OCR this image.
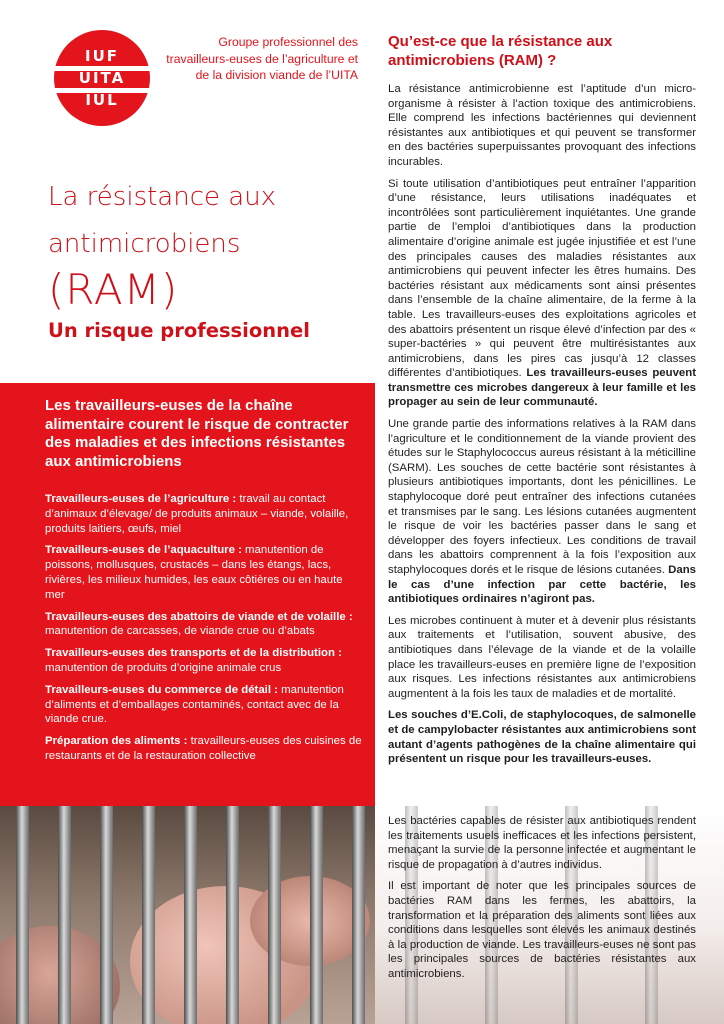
IUF
UITA
IUL
Groupe professionnel des travailleurs-euses de l’agriculture et de la division viande de l’UITA
La résistance aux
antimicrobiens
(RAM)
Un risque professionnel
Les travailleurs-euses de la chaîne alimentaire courent le risque de contracter des maladies et des infections résistantes aux antimicrobiens

Travailleurs-euses de l’agriculture : travail au contact d’animaux d’élevage/ de produits animaux – viande, volaille, produits laitiers, œufs, miel

Travailleurs-euses de l’aquaculture : manutention de poissons, mollusques, crustacés – dans les étangs, lacs, rivières, les milieux humides, les eaux côtières ou en haute mer

Travailleurs-euses des abattoirs de viande et de volaille : manutention de carcasses, de viande crue ou d’abats

Travailleurs-euses des transports et de la distribution : manutention de produits d’origine animale crus

Travailleurs-euses du commerce de détail : manutention d’aliments et d’emballages contaminés, contact avec de la viande crue.

Préparation des aliments : travailleurs-euses des cuisines de restaurants et de la restauration collective

Qu’est-ce que la résistance aux antimicrobiens (RAM) ?

La résistance antimicrobienne est l’aptitude d’un micro-organisme à résister à l’action toxique des antimicrobiens. Elle comprend les infections bactériennes qui deviennent résistantes aux antibiotiques et qui peuvent se transformer en des bactéries superpuissantes provoquant des infections incurables.

Si toute utilisation d’antibiotiques peut entraîner l’apparition d’une résistance, leurs utilisations inadéquates et incontrôlées sont particulièrement inquiétantes. Une grande partie de l’emploi d’antibiotiques dans la production alimentaire d’origine animale est jugée injustifiée et est l’une des principales causes des maladies résistantes aux antimicrobiens qui peuvent infecter les êtres humains. Des bactéries résistant aux médicaments sont ainsi présentes dans l’ensemble de la chaîne alimentaire, de la ferme à la table. Les travailleurs-euses des exploitations agricoles et des abattoirs présentent un risque élevé d’infection par des « super-bactéries » qui peuvent être multirésistantes aux antimicrobiens, dans les pires cas jusqu’à 12 classes différentes d’antibiotiques. Les travailleurs-euses peuvent transmettre ces microbes dangereux à leur famille et les propager au sein de leur communauté.

Une grande partie des informations relatives à la RAM dans l’agriculture et le conditionnement de la viande provient des études sur le Staphylococcus aureus résistant à la méticilline (SARM). Les souches de cette bactérie sont résistantes à plusieurs antibiotiques importants, dont les pénicillines. Le staphylocoque doré peut entraîner des infections cutanées et transmises par le sang. Les lésions cutanées augmentent le risque de voir les bactéries passer dans le sang et développer des foyers infectieux. Les conditions de travail dans les abattoirs comprennent à la fois l’exposition aux staphylocoques dorés et le risque de lésions cutanées. Dans le cas d’une infection par cette bactérie, les antibiotiques ordinaires n’agiront pas.

Les microbes continuent à muter et à devenir plus résistants aux traitements et l’utilisation, souvent abusive, des antibiotiques dans l’élevage de la viande et de la volaille place les travailleurs-euses en première ligne de l’exposition aux risques. Les infections résistantes aux antimicrobiens augmentent à la fois les taux de maladies et de mortalité.

Les souches d’E.Coli, de staphylocoques, de salmonelle et de campylobacter résistantes aux antimicrobiens sont autant d’agents pathogènes de la chaîne alimentaire qui présentent un risque pour les travailleurs-euses.

Les bactéries capables de résister aux antibiotiques rendent les traitements usuels inefficaces et les infections persistent, menaçant la survie de la personne infectée et augmentant le risque de propagation à d’autres individus.

Il est important de noter que les principales sources de bactéries RAM dans les fermes, les abattoirs, la transformation et la préparation des aliments sont liées aux conditions dans lesquelles sont élevés les animaux destinés à la production de viande. Les travailleurs-euses ne sont pas les principales sources de bactéries résistantes aux antimicrobiens.
